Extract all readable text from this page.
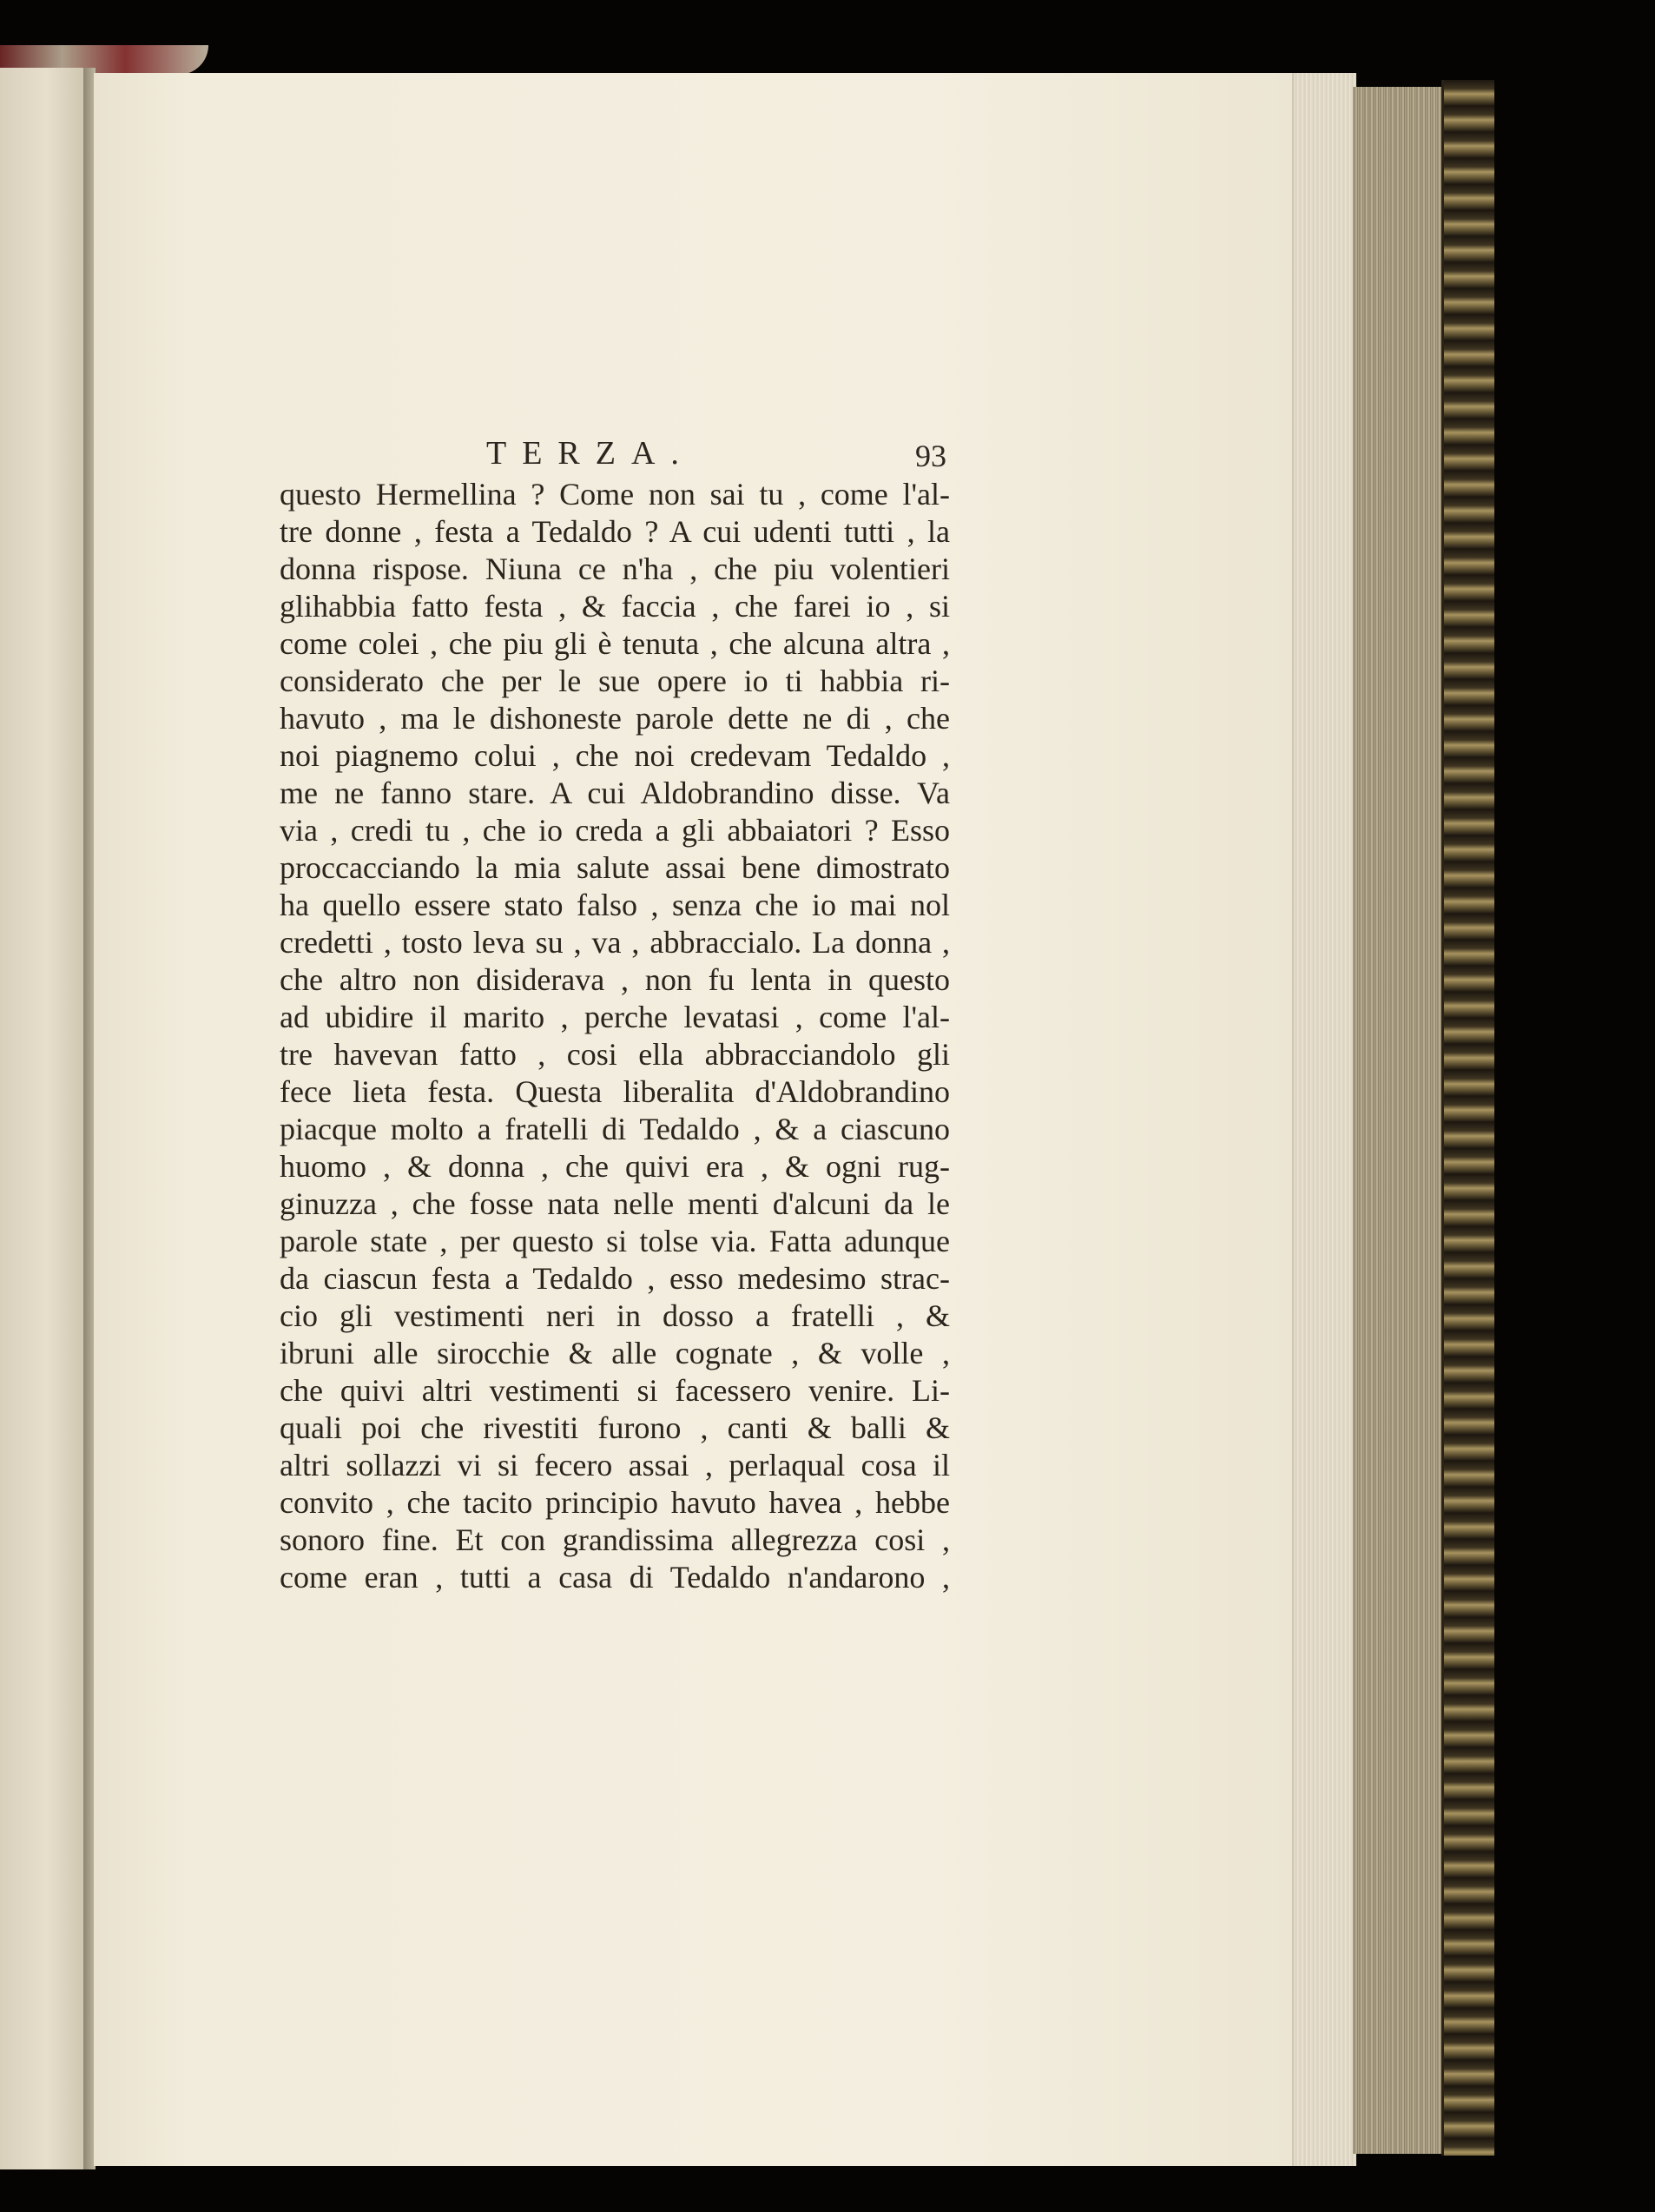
TERZA.	93
questo Hermellina ? Come non sai tu , come l'al-
tre donne , festa a Tedaldo ? A cui udenti tutti , la
donna rispose. Niuna ce n'ha , che piu volentieri
glihabbia fatto festa , & faccia , che farei io , si
come colei , che piu gli è tenuta , che alcuna altra ,
considerato che per le sue opere io ti habbia ri-
havuto , ma le dishoneste parole dette ne di , che
noi piagnemo colui , che noi credevam Tedaldo ,
me ne fanno stare. A cui Aldobrandino disse. Va
via , credi tu , che io creda a gli abbaiatori ? Esso
proccacciando la mia salute assai bene dimostrato
ha quello essere stato falso , senza che io mai nol
credetti , tosto leva su , va , abbraccialo. La donna ,
che altro non disiderava , non fu lenta in questo
ad ubidire il marito , perche levatasi , come l'al-
tre havevan fatto , cosi ella abbracciandolo gli
fece lieta festa. Questa liberalita d'Aldobrandino
piacque molto a fratelli di Tedaldo , & a ciascuno
huomo , & donna , che quivi era , & ogni rug-
ginuzza , che fosse nata nelle menti d'alcuni da le
parole state , per questo si tolse via. Fatta adunque
da ciascun festa a Tedaldo , esso medesimo strac-
cio gli vestimenti neri in dosso a fratelli , &
ibruni alle sirocchie & alle cognate , & volle ,
che quivi altri vestimenti si facessero venire. Li-
quali poi che rivestiti furono , canti & balli &
altri sollazzi vi si fecero assai , perlaqual cosa il
convito , che tacito principio havuto havea , hebbe
sonoro fine. Et con grandissima allegrezza cosi ,
come eran , tutti a casa di Tedaldo n'andarono ,
